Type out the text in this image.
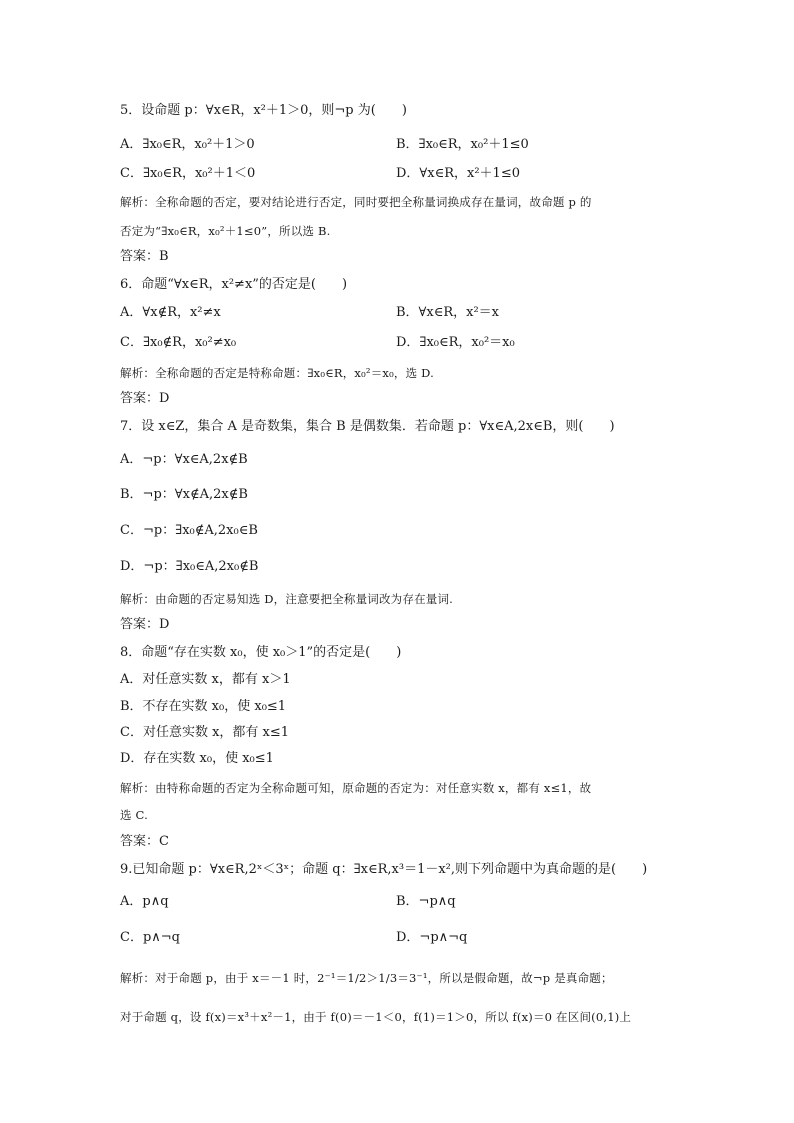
5．设命题 p：∀x∈R，x²＋1＞0，则¬p 为(　　)
A．∃x₀∈R，x₀²＋1＞0	B．∃x₀∈R，x₀²＋1≤0
C．∃x₀∈R，x₀²＋1＜0	D．∀x∈R，x²＋1≤0
解析：全称命题的否定，要对结论进行否定，同时要把全称量词换成存在量词，故命题 p 的
否定为“∃x₀∈R，x₀²＋1≤0”，所以选 B.
答案：B
6．命题“∀x∈R，x²≠x”的否定是(　　)
A．∀x∉R，x²≠x	B．∀x∈R，x²＝x
C．∃x₀∉R，x₀²≠x₀	D．∃x₀∈R，x₀²＝x₀
解析：全称命题的否定是特称命题：∃x₀∈R，x₀²＝x₀，选 D.
答案：D
7．设 x∈Z，集合 A 是奇数集，集合 B 是偶数集．若命题 p：∀x∈A,2x∈B，则(　　)
A．¬p：∀x∈A,2x∉B
B．¬p：∀x∉A,2x∉B
C．¬p：∃x₀∉A,2x₀∈B
D．¬p：∃x₀∈A,2x₀∉B
解析：由命题的否定易知选 D，注意要把全称量词改为存在量词.
答案：D
8．命题“存在实数 x₀，使 x₀＞1”的否定是(　　)
A．对任意实数 x，都有 x＞1
B．不存在实数 x₀，使 x₀≤1
C．对任意实数 x，都有 x≤1
D．存在实数 x₀，使 x₀≤1
解析：由特称命题的否定为全称命题可知，原命题的否定为：对任意实数 x，都有 x≤1，故
选 C.
答案：C
9.已知命题 p：∀x∈R,2ˣ＜3ˣ；命题 q：∃x∈R,x³＝1－x²,则下列命题中为真命题的是(　　)
A．p∧q	B．¬p∧q
C．p∧¬q	D．¬p∧¬q
解析：对于命题 p，由于 x＝－1 时，2⁻¹＝1/2＞1/3＝3⁻¹，所以是假命题，故¬p 是真命题；
对于命题 q，设 f(x)＝x³＋x²－1，由于 f(0)＝－1＜0，f(1)＝1＞0，所以 f(x)＝0 在区间(0,1)上
